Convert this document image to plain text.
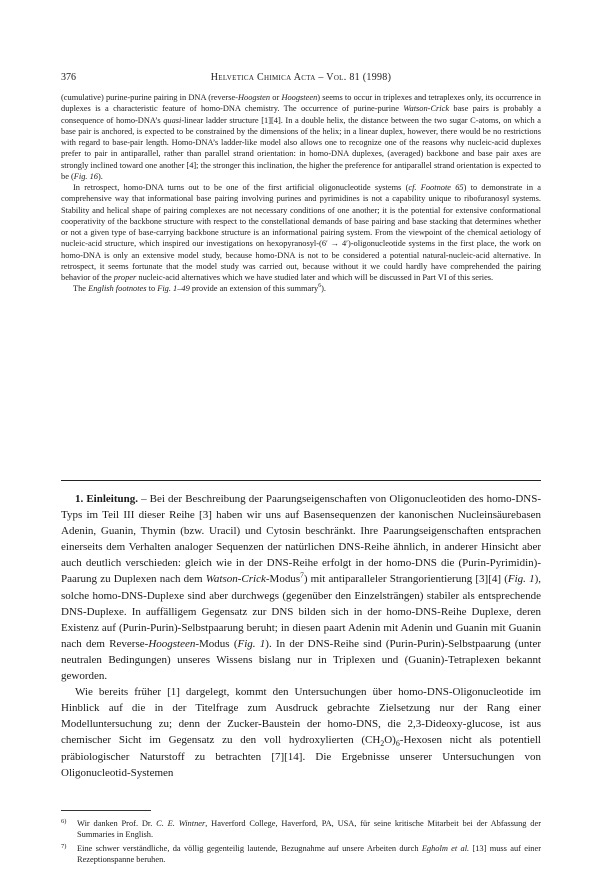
376	Helvetica Chimica Acta – Vol. 81 (1998)

(cumulative) purine-purine pairing in DNA (reverse-Hoogsten or Hoogsteen) seems to occur in triplexes and tetraplexes only, its occurrence in duplexes is a characteristic feature of homo-DNA chemistry. The occurrence of purine-purine Watson-Crick base pairs is probably a consequence of homo-DNA’s quasi-linear ladder structure [1][4]. In a double helix, the distance between the two sugar C-atoms, on which a base pair is anchored, is expected to be constrained by the dimensions of the helix; in a linear duplex, however, there would be no restrictions with regard to base-pair length. Homo-DNA’s ladder-like model also allows one to recognize one of the reasons why nucleic-acid duplexes prefer to pair in antiparallel, rather than parallel strand orientation: in homo-DNA duplexes, (averaged) backbone and base pair axes are strongly inclined toward one another [4]; the stronger this inclination, the higher the preference for antiparallel strand orientation is expected to be (Fig. 16).

In retrospect, homo-DNA turns out to be one of the first artificial oligonucleotide systems (cf. Footnote 65) to demonstrate in a comprehensive way that informational base pairing involving purines and pyrimidines is not a capability unique to ribofuranosyl systems. Stability and helical shape of pairing complexes are not necessary conditions of one another; it is the potential for extensive conformational cooperativity of the backbone structure with respect to the constellational demands of base pairing and base stacking that determines whether or not a given type of base-carrying backbone structure is an informational pairing system. From the viewpoint of the chemical aetiology of nucleic-acid structure, which inspired our investigations on hexopyranosyl-(6′ → 4′)-oligonucleotide systems in the first place, the work on homo-DNA is only an extensive model study, because homo-DNA is not to be considered a potential natural-nucleic-acid alternative. In retrospect, it seems fortunate that the model study was carried out, because without it we could hardly have comprehended the pairing behavior of the proper nucleic-acid alternatives which we have studied later and which will be discussed in Part VI of this series.

The English footnotes to Fig. 1–49 provide an extension of this summary$^6$).

1. Einleitung. – Bei der Beschreibung der Paarungseigenschaften von Oligonucleotiden des homo-DNS-Typs im Teil III dieser Reihe [3] haben wir uns auf Basensequenzen der kanonischen Nucleinsäurebasen Adenin, Guanin, Thymin (bzw. Uracil) und Cytosin beschränkt. Ihre Paarungseigenschaften entsprachen einerseits dem Verhalten analoger Sequenzen der natürlichen DNS-Reihe ähnlich, in anderer Hinsicht aber auch deutlich verschieden: gleich wie in der DNS-Reihe erfolgt in der homo-DNS die (Purin-Pyrimidin)-Paarung zu Duplexen nach dem Watson-Crick-Modus$^7$) mit antiparalleler Strangorientierung [3][4] (Fig. 1), solche homo-DNS-Duplexe sind aber durchwegs (gegenüber den Einzelsträngen) stabiler als entsprechende DNS-Duplexe. In auffälligem Gegensatz zur DNS bilden sich in der homo-DNS-Reihe Duplexe, deren Existenz auf (Purin-Purin)-Selbstpaarung beruht; in diesen paart Adenin mit Adenin und Guanin mit Guanin nach dem Reverse-Hoogsteen-Modus (Fig. 1). In der DNS-Reihe sind (Purin-Purin)-Selbstpaarung (unter neutralen Bedingungen) unseres Wissens bislang nur in Triplexen und (Guanin)-Tetraplexen bekannt geworden.

Wie bereits früher [1] dargelegt, kommt den Untersuchungen über homo-DNS-Oligonucleotide im Hinblick auf die in der Titelfrage zum Ausdruck gebrachte Zielsetzung nur der Rang einer Modelluntersuchung zu; denn der Zucker-Baustein der homo-DNS, die 2,3-Dideoxy-glucose, ist aus chemischer Sicht im Gegensatz zu den voll hydroxylierten $(CH_2O)_6$-Hexosen nicht als potentiell präbiologischer Naturstoff zu betrachten [7][14]. Die Ergebnisse unserer Untersuchungen von Oligonucleotid-Systemen

6) Wir danken Prof. Dr. C. E. Wintner, Haverford College, Haverford, PA, USA, für seine kritische Mitarbeit bei der Abfassung der Summaries in English.
7) Eine schwer verständliche, da völlig gegenteilig lautende, Bezugnahme auf unsere Arbeiten durch Egholm et al. [13] muss auf einer Rezeptionspanne beruhen.
